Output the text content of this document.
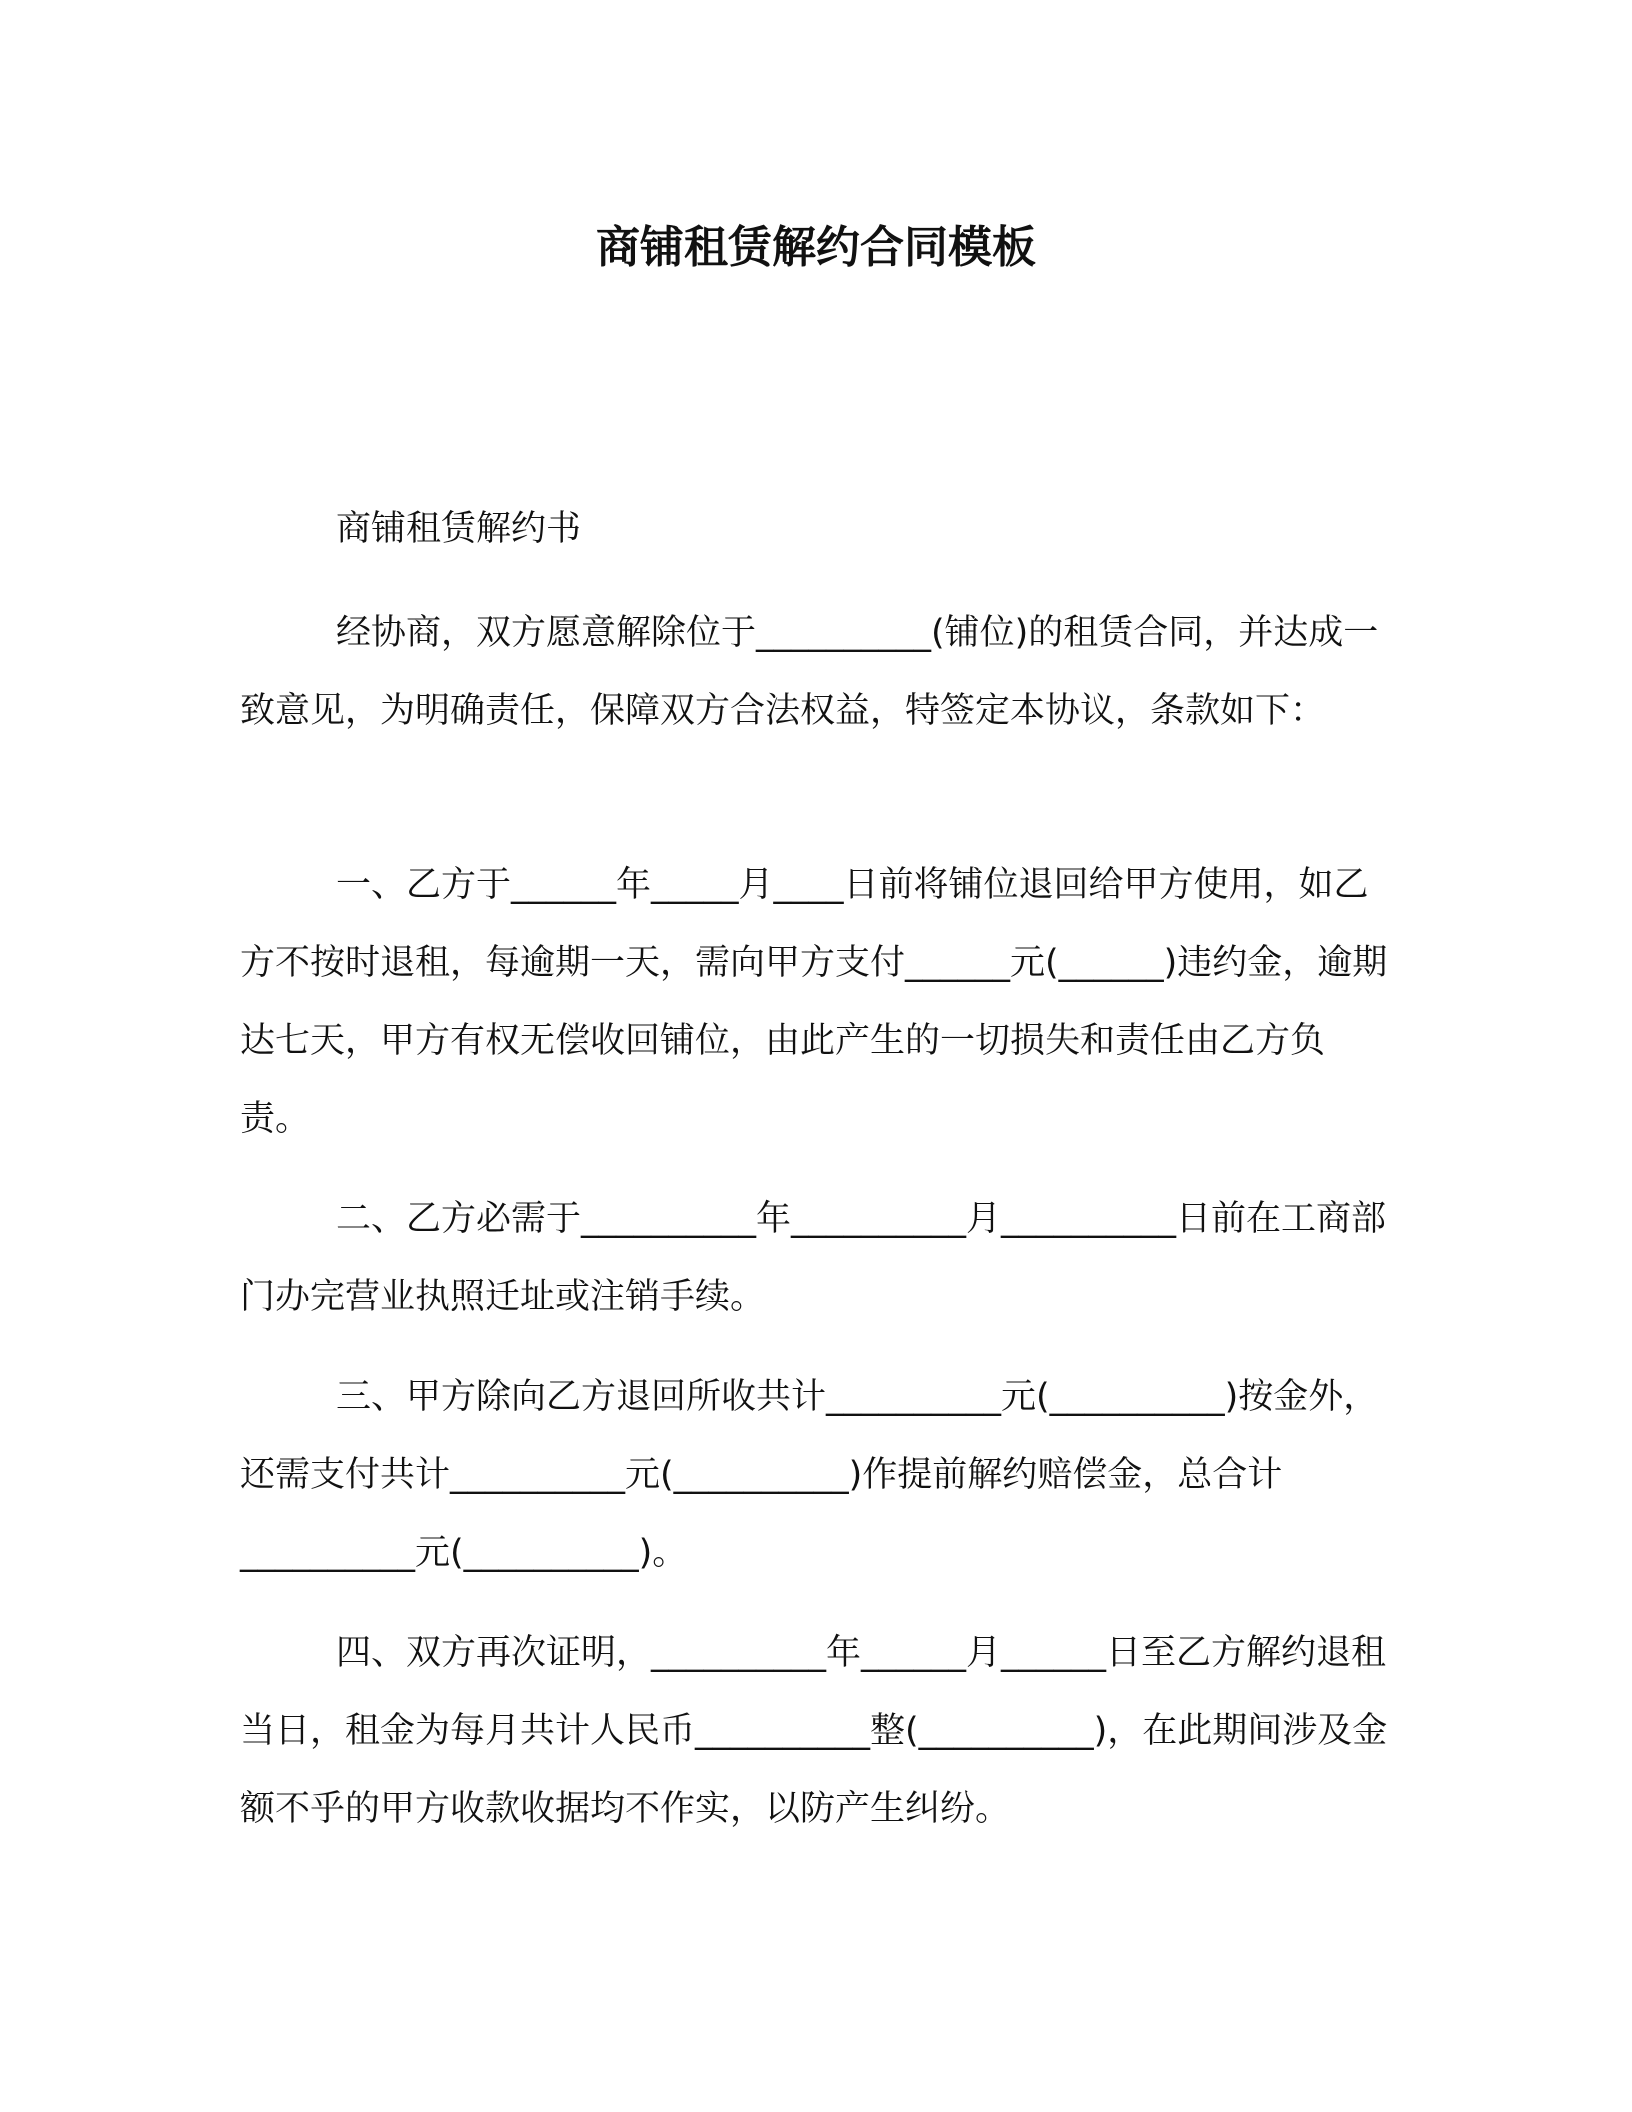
商铺租赁解约合同模板
商铺租赁解约书

经协商，双方愿意解除位于__________(铺位)的租赁合同，并达成一致意见，为明确责任，保障双方合法权益，特签定本协议，条款如下：

一、乙方于______年_____月____日前将铺位退回给甲方使用，如乙方不按时退租，每逾期一天，需向甲方支付______元(______)违约金，逾期达七天，甲方有权无偿收回铺位，由此产生的一切损失和责任由乙方负责。

二、乙方必需于__________年__________月__________日前在工商部门办完营业执照迁址或注销手续。

三、甲方除向乙方退回所收共计__________元(__________)按金外，还需支付共计__________元(__________)作提前解约赔偿金，总合计__________元(__________)。

四、双方再次证明，__________年______月______日至乙方解约退租当日，租金为每月共计人民币__________整(__________)，在此期间涉及金额不乎的甲方收款收据均不作实，以防产生纠纷。
